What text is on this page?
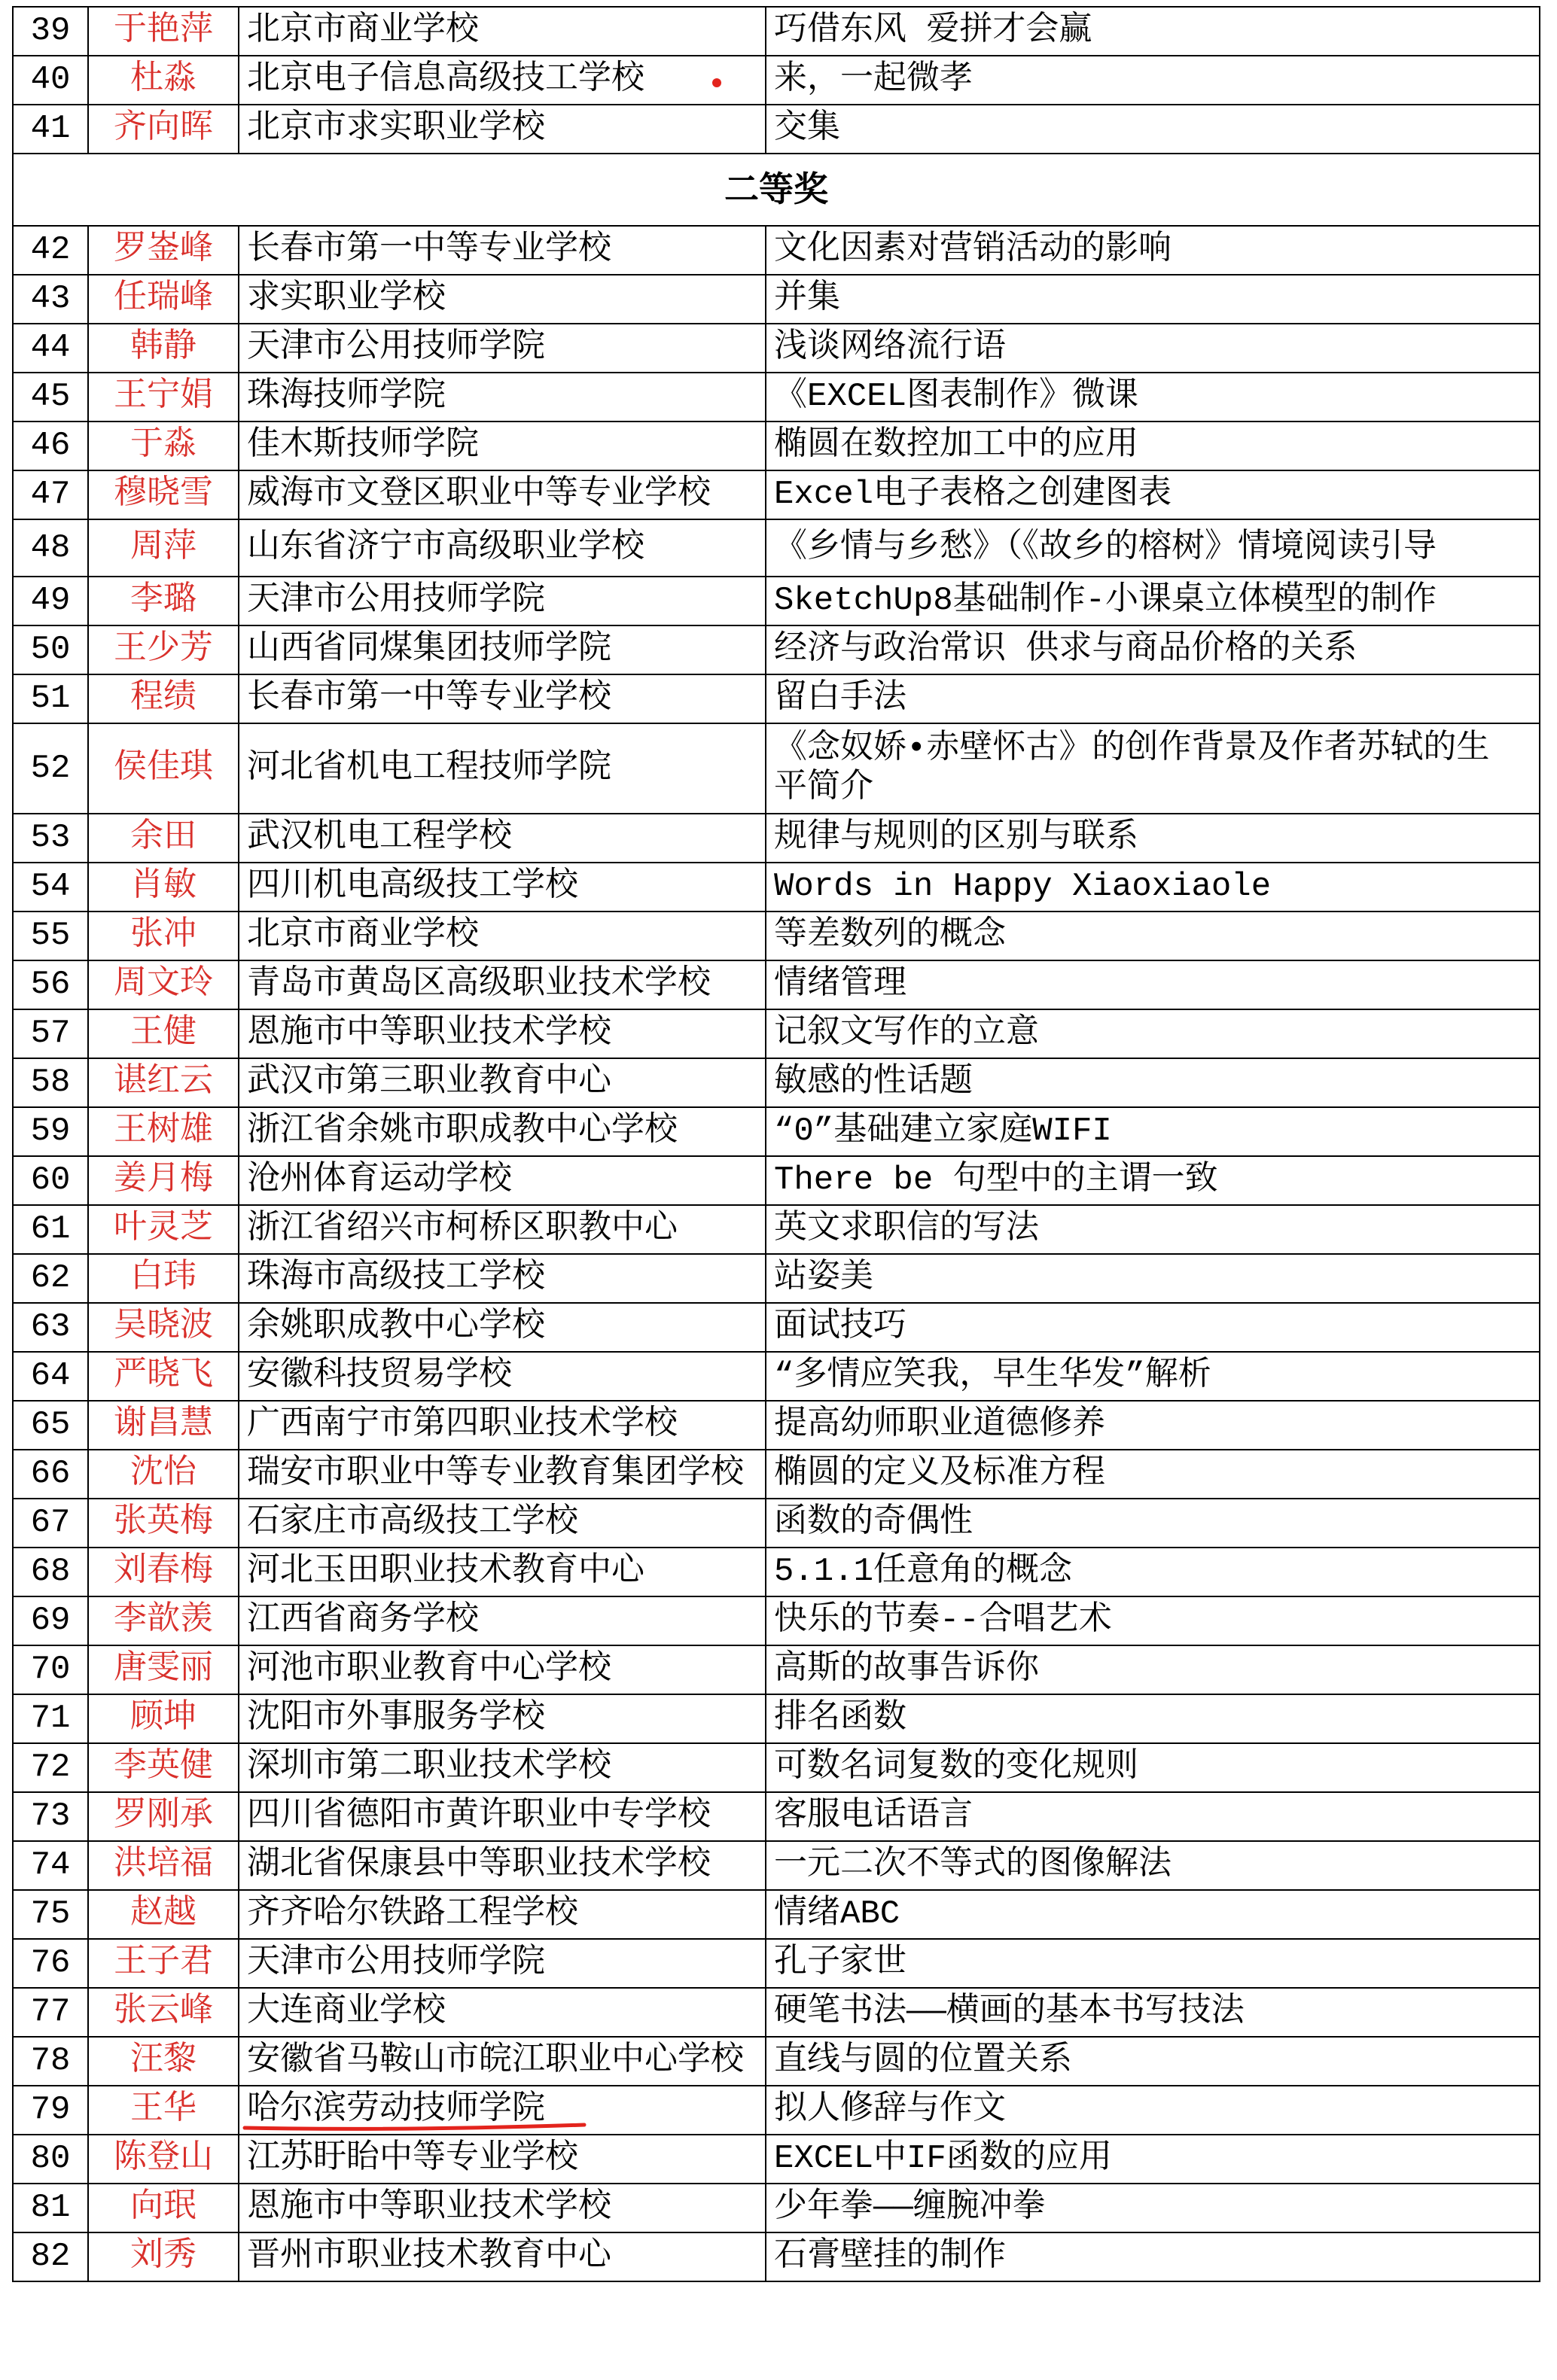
39	于艳萍	北京市商业学校	巧借东风 爱拼才会赢
40	杜淼	北京电子信息高级技工学校	来，一起微孝
41	齐向晖	北京市求实职业学校	交集
二等奖			
42	罗崟峰	长春市第一中等专业学校	文化因素对营销活动的影响
43	任瑞峰	求实职业学校	并集
44	韩静	天津市公用技师学院	浅谈网络流行语
45	王宁娟	珠海技师学院	《EXCEL图表制作》微课
46	于淼	佳木斯技师学院	椭圆在数控加工中的应用
47	穆晓雪	威海市文登区职业中等专业学校	Excel电子表格之创建图表
48	周萍	山东省济宁市高级职业学校	《乡情与乡愁》（《故乡的榕树》情境阅读引导
49	李璐	天津市公用技师学院	SketchUp8基础制作-小课桌立体模型的制作
50	王少芳	山西省同煤集团技师学院	经济与政治常识 供求与商品价格的关系
51	程绩	长春市第一中等专业学校	留白手法
52	侯佳琪	河北省机电工程技师学院	《念奴娇•赤壁怀古》的创作背景及作者苏轼的生
平简介
53	余田	武汉机电工程学校	规律与规则的区别与联系
54	肖敏	四川机电高级技工学校	Words in Happy Xiaoxiaole
55	张冲	北京市商业学校	等差数列的概念
56	周文玲	青岛市黄岛区高级职业技术学校	情绪管理
57	王健	恩施市中等职业技术学校	记叙文写作的立意
58	谌红云	武汉市第三职业教育中心	敏感的性话题
59	王树雄	浙江省余姚市职成教中心学校	“0”基础建立家庭WIFI
60	姜月梅	沧州体育运动学校	There be 句型中的主谓一致
61	叶灵芝	浙江省绍兴市柯桥区职教中心	英文求职信的写法
62	白玮	珠海市高级技工学校	站姿美
63	吴晓波	余姚职成教中心学校	面试技巧
64	严晓飞	安徽科技贸易学校	“多情应笑我，早生华发”解析
65	谢昌慧	广西南宁市第四职业技术学校	提高幼师职业道德修养
66	沈怡	瑞安市职业中等专业教育集团学校	椭圆的定义及标准方程
67	张英梅	石家庄市高级技工学校	函数的奇偶性
68	刘春梅	河北玉田职业技术教育中心	5.1.1任意角的概念
69	李歆羡	江西省商务学校	快乐的节奏--合唱艺术
70	唐雯丽	河池市职业教育中心学校	高斯的故事告诉你
71	顾坤	沈阳市外事服务学校	排名函数
72	李英健	深圳市第二职业技术学校	可数名词复数的变化规则
73	罗刚承	四川省德阳市黄许职业中专学校	客服电话语言
74	洪培福	湖北省保康县中等职业技术学校	一元二次不等式的图像解法
75	赵越	齐齐哈尔铁路工程学校	情绪ABC
76	王子君	天津市公用技师学院	孔子家世
77	张云峰	大连商业学校	硬笔书法——横画的基本书写技法
78	汪黎	安徽省马鞍山市皖江职业中心学校	直线与圆的位置关系
79	王华	哈尔滨劳动技师学院	拟人修辞与作文
80	陈登山	江苏盱眙中等专业学校	EXCEL中IF函数的应用
81	向珉	恩施市中等职业技术学校	少年拳——缠腕冲拳
82	刘秀	晋州市职业技术教育中心	石膏壁挂的制作
